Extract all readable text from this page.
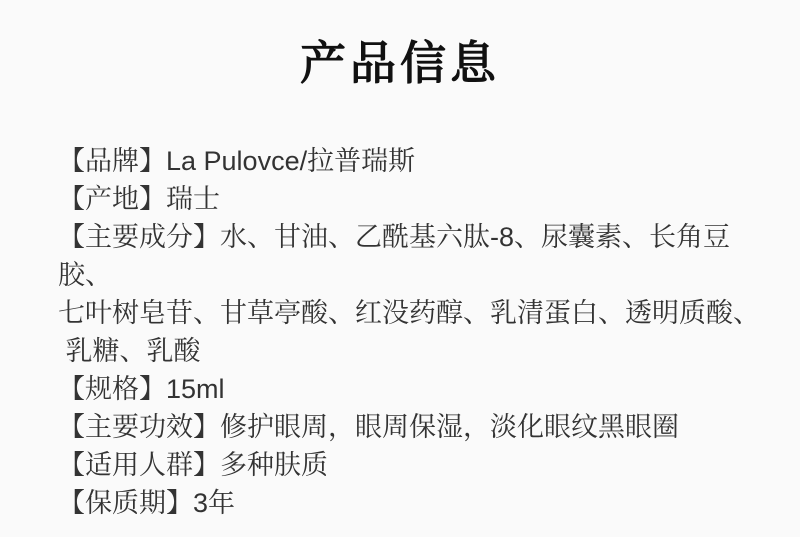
产品信息
【品牌】La Pulovce/拉普瑞斯
【产地】瑞士
【主要成分】水、甘油、乙酰基六肽-8、尿囊素、长角豆胶、
七叶树皂苷、甘草亭酸、红没药醇、乳清蛋白、透明质酸、
乳糖、乳酸
【规格】15ml
【主要功效】修护眼周，眼周保湿，淡化眼纹黑眼圈
【适用人群】多种肤质
【保质期】3年
